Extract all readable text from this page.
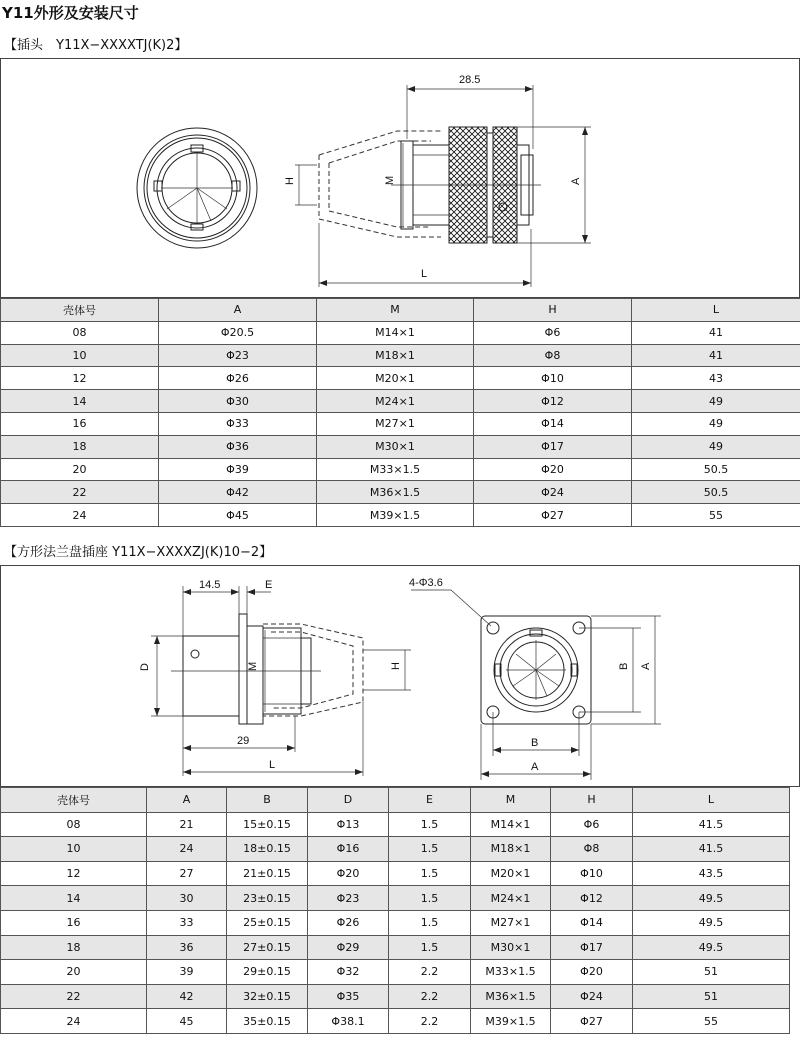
Y11外形及安装尺寸
【插头　Y11X−XXXXTJ(K)2】
H	M
28.5
A
L
壳体号	A	M	H	L
08	Φ20.5	M14×1	Φ6	41
10	Φ23	M18×1	Φ8	41
12	Φ26	M20×1	Φ10	43
14	Φ30	M24×1	Φ12	49
16	Φ33	M27×1	Φ14	49
18	Φ36	M30×1	Φ17	49
20	Φ39	M33×1.5	Φ20	50.5
22	Φ42	M36×1.5	Φ24	50.5
24	Φ45	M39×1.5	Φ27	55
【方形法兰盘插座 Y11X−XXXXZJ(K)10−2】
14.5	E
D	M	H
29
L
4-Φ3.6
B A
B
A
壳体号	A	B	D	E	M	H	L
08	21	15±0.15	Φ13	1.5	M14×1	Φ6	41.5
10	24	18±0.15	Φ16	1.5	M18×1	Φ8	41.5
12	27	21±0.15	Φ20	1.5	M20×1	Φ10	43.5
14	30	23±0.15	Φ23	1.5	M24×1	Φ12	49.5
16	33	25±0.15	Φ26	1.5	M27×1	Φ14	49.5
18	36	27±0.15	Φ29	1.5	M30×1	Φ17	49.5
20	39	29±0.15	Φ32	2.2	M33×1.5	Φ20	51
22	42	32±0.15	Φ35	2.2	M36×1.5	Φ24	51
24	45	35±0.15	Φ38.1	2.2	M39×1.5	Φ27	55
